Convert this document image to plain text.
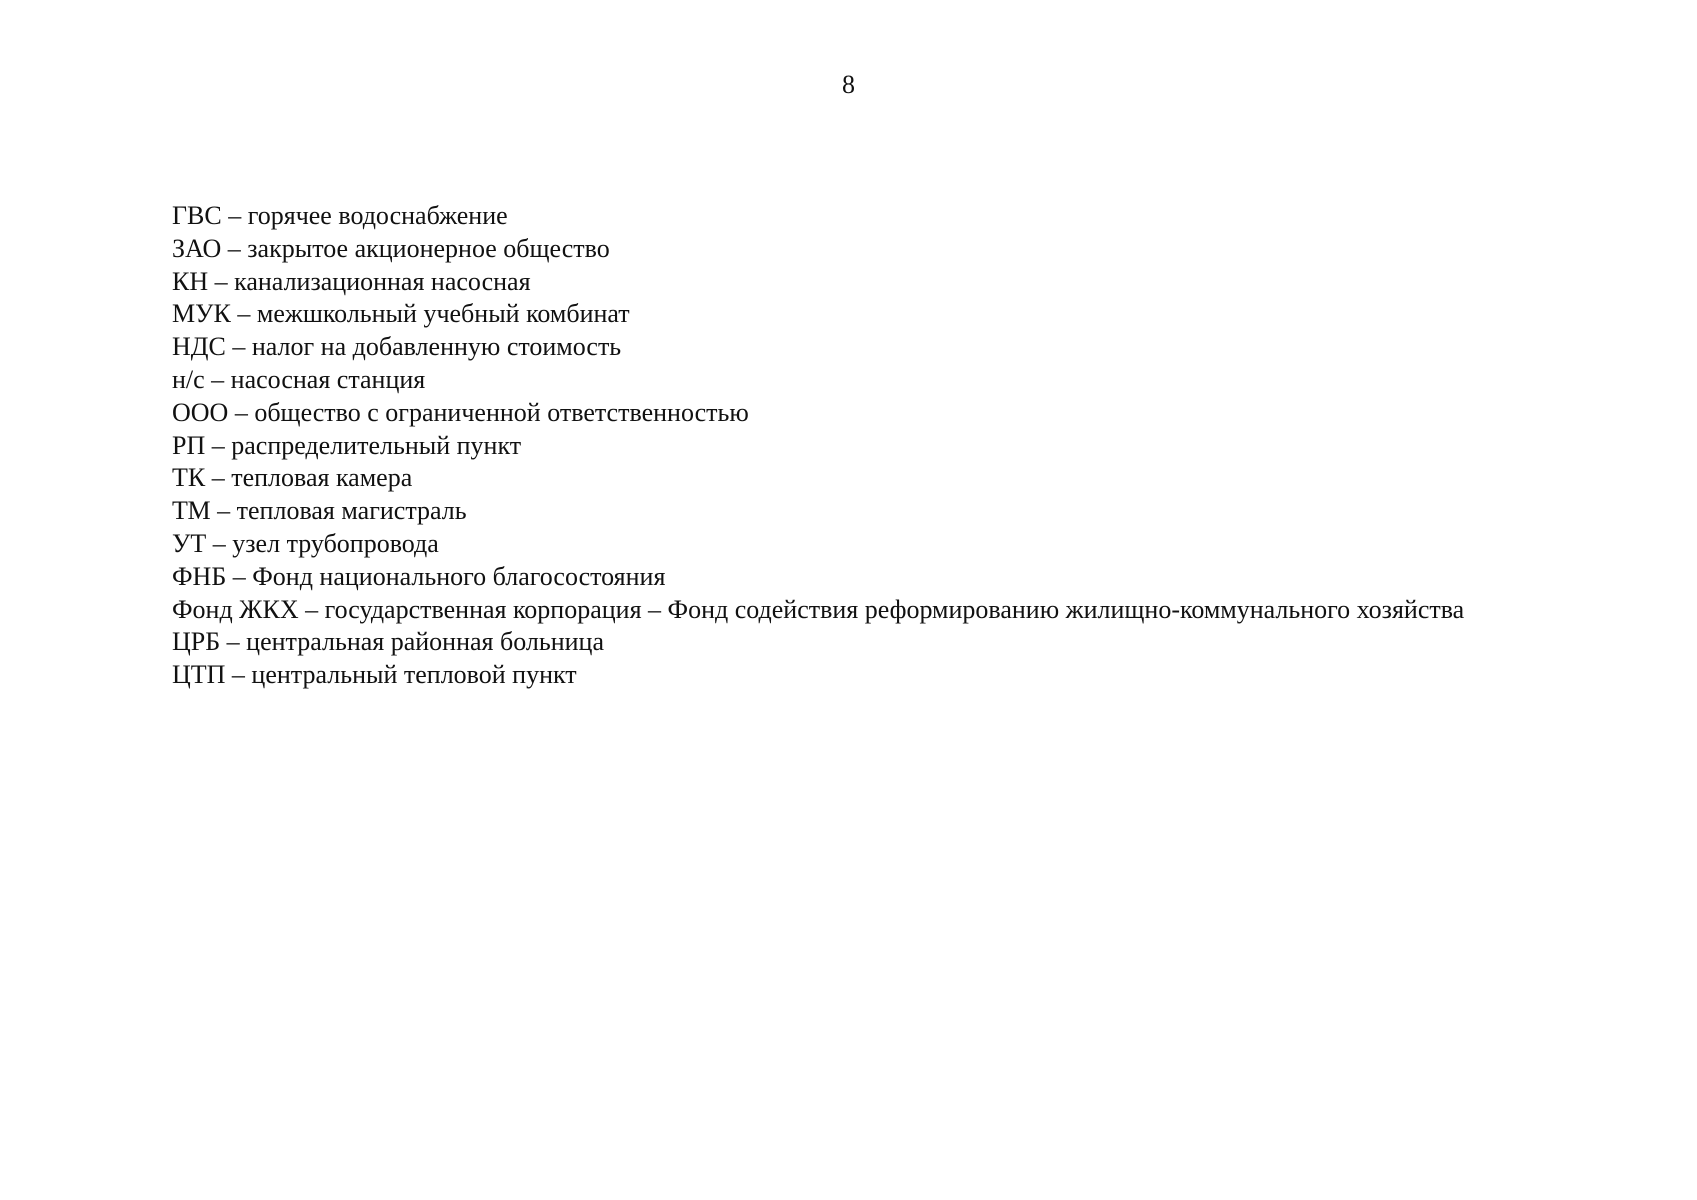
8
ГВС – горячее водоснабжение
ЗАО – закрытое акционерное общество
КН – канализационная насосная
МУК – межшкольный учебный комбинат
НДС – налог на добавленную стоимость
н/с – насосная станция
ООО – общество с ограниченной ответственностью
РП – распределительный пункт
ТК – тепловая камера
ТМ – тепловая магистраль
УТ – узел трубопровода
ФНБ – Фонд национального благосостояния
Фонд ЖКХ – государственная корпорация – Фонд содействия реформированию жилищно-коммунального хозяйства
ЦРБ – центральная районная больница
ЦТП – центральный тепловой пункт
